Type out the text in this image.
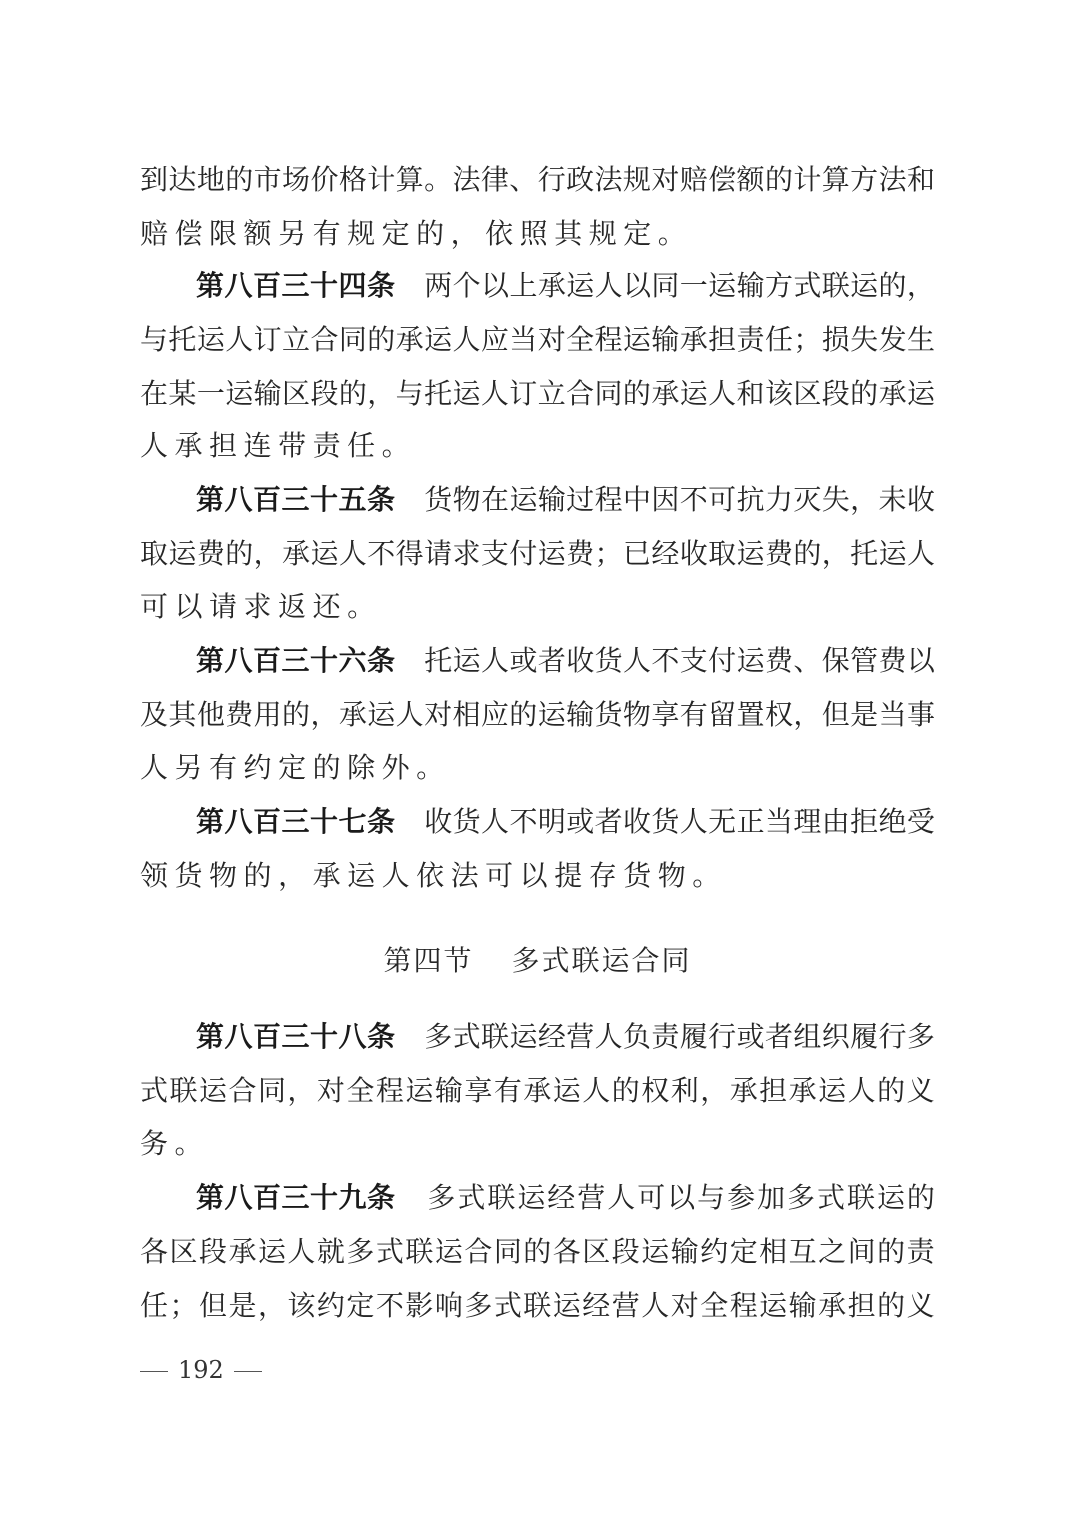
到 达 地 的 市 场 价 格 计 算 。 法 律 、 行 政 法 规 对 赔 偿 额 的 计 算 方 法 和
赔 偿 限 额 另 有 规 定 的 ， 依 照 其 规 定 。
第八百三十四条 两 个 以 上 承 运 人 以 同 一 运 输 方 式 联 运 的 ，
与 托 运 人 订 立 合 同 的 承 运 人 应 当 对 全 程 运 输 承 担 责 任 ； 损 失 发 生
在 某 一 运 输 区 段 的 ， 与 托 运 人 订 立 合 同 的 承 运 人 和 该 区 段 的 承 运
人 承 担 连 带 责 任 。
第八百三十五条 货 物 在 运 输 过 程 中 因 不 可 抗 力 灭 失 ， 未 收
取 运 费 的 ， 承 运 人 不 得 请 求 支 付 运 费 ； 已 经 收 取 运 费 的 ， 托 运 人
可 以 请 求 返 还 。
第八百三十六条 托 运 人 或 者 收 货 人 不 支 付 运 费 、 保 管 费 以
及 其 他 费 用 的 ， 承 运 人 对 相 应 的 运 输 货 物 享 有 留 置 权 ， 但 是 当 事
人 另 有 约 定 的 除 外 。
第八百三十七条 收 货 人 不 明 或 者 收 货 人 无 正 当 理 由 拒 绝 受
领 货 物 的 ， 承 运 人 依 法 可 以 提 存 货 物 。
第四节 多式联运合同
第八百三十八条 多 式 联 运 经 营 人 负 责 履 行 或 者 组 织 履 行 多
式 联 运 合 同 ， 对 全 程 运 输 享 有 承 运 人 的 权 利 ， 承 担 承 运 人 的 义
务 。
第八百三十九条 多 式 联 运 经 营 人 可 以 与 参 加 多 式 联 运 的
各 区 段 承 运 人 就 多 式 联 运 合 同 的 各 区 段 运 输 约 定 相 互 之 间 的 责
任 ； 但 是 ， 该 约 定 不 影 响 多 式 联 运 经 营 人 对 全 程 运 输 承 担 的 义
192
